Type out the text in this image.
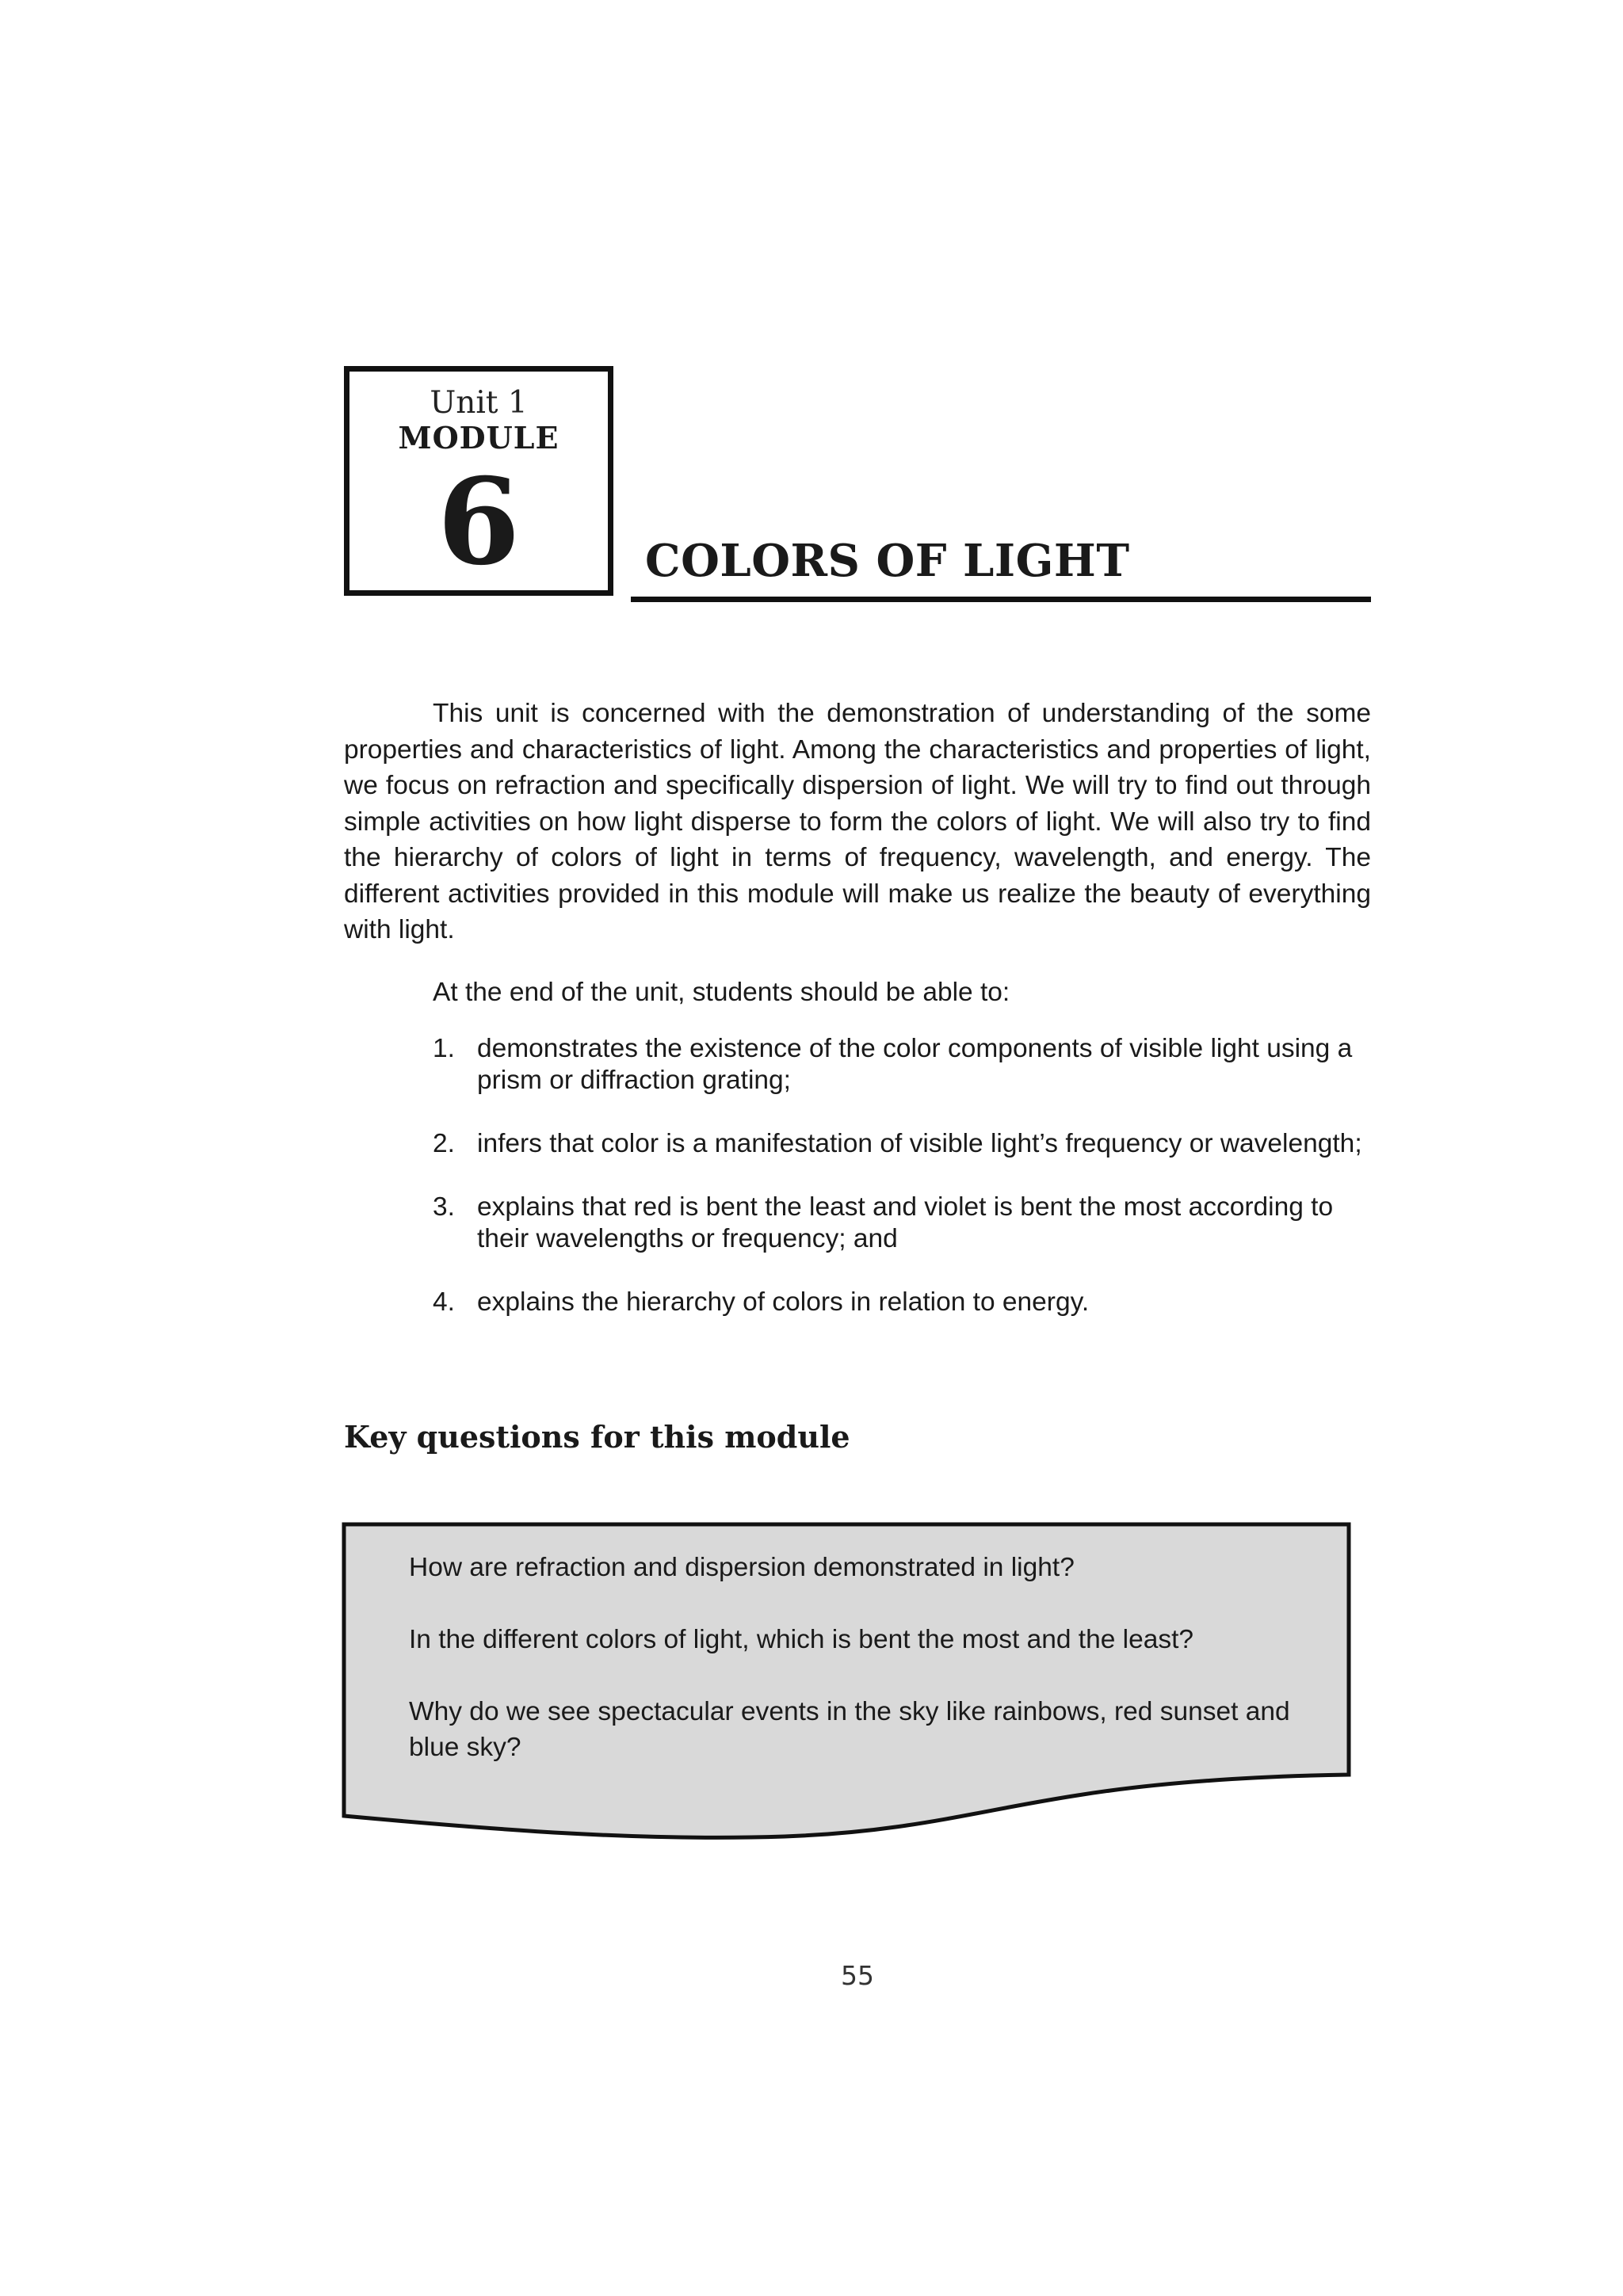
Unit 1
MODULE
6	COLORS OF LIGHT

This unit is concerned with the demonstration of understanding of the some properties and characteristics of light. Among the characteristics and properties of light, we focus on refraction and specifically dispersion of light. We will try to find out through simple activities on how light disperse to form the colors of light. We will also try to find the hierarchy of colors of light in terms of frequency, wavelength, and energy. The different activities provided in this module will make us realize the beauty of everything with light.

At the end of the unit, students should be able to:

1. demonstrates the existence of the color components of visible light using a prism or diffraction grating;
2. infers that color is a manifestation of visible light’s frequency or wavelength;
3. explains that red is bent the least and violet is bent the most according to their wavelengths or frequency; and
4. explains the hierarchy of colors in relation to energy.
Key questions for this module

How are refraction and dispersion demonstrated in light?

In the different colors of light, which is bent the most and the least?

Why do we see spectacular events in the sky like rainbows, red sunset and blue sky?

55
